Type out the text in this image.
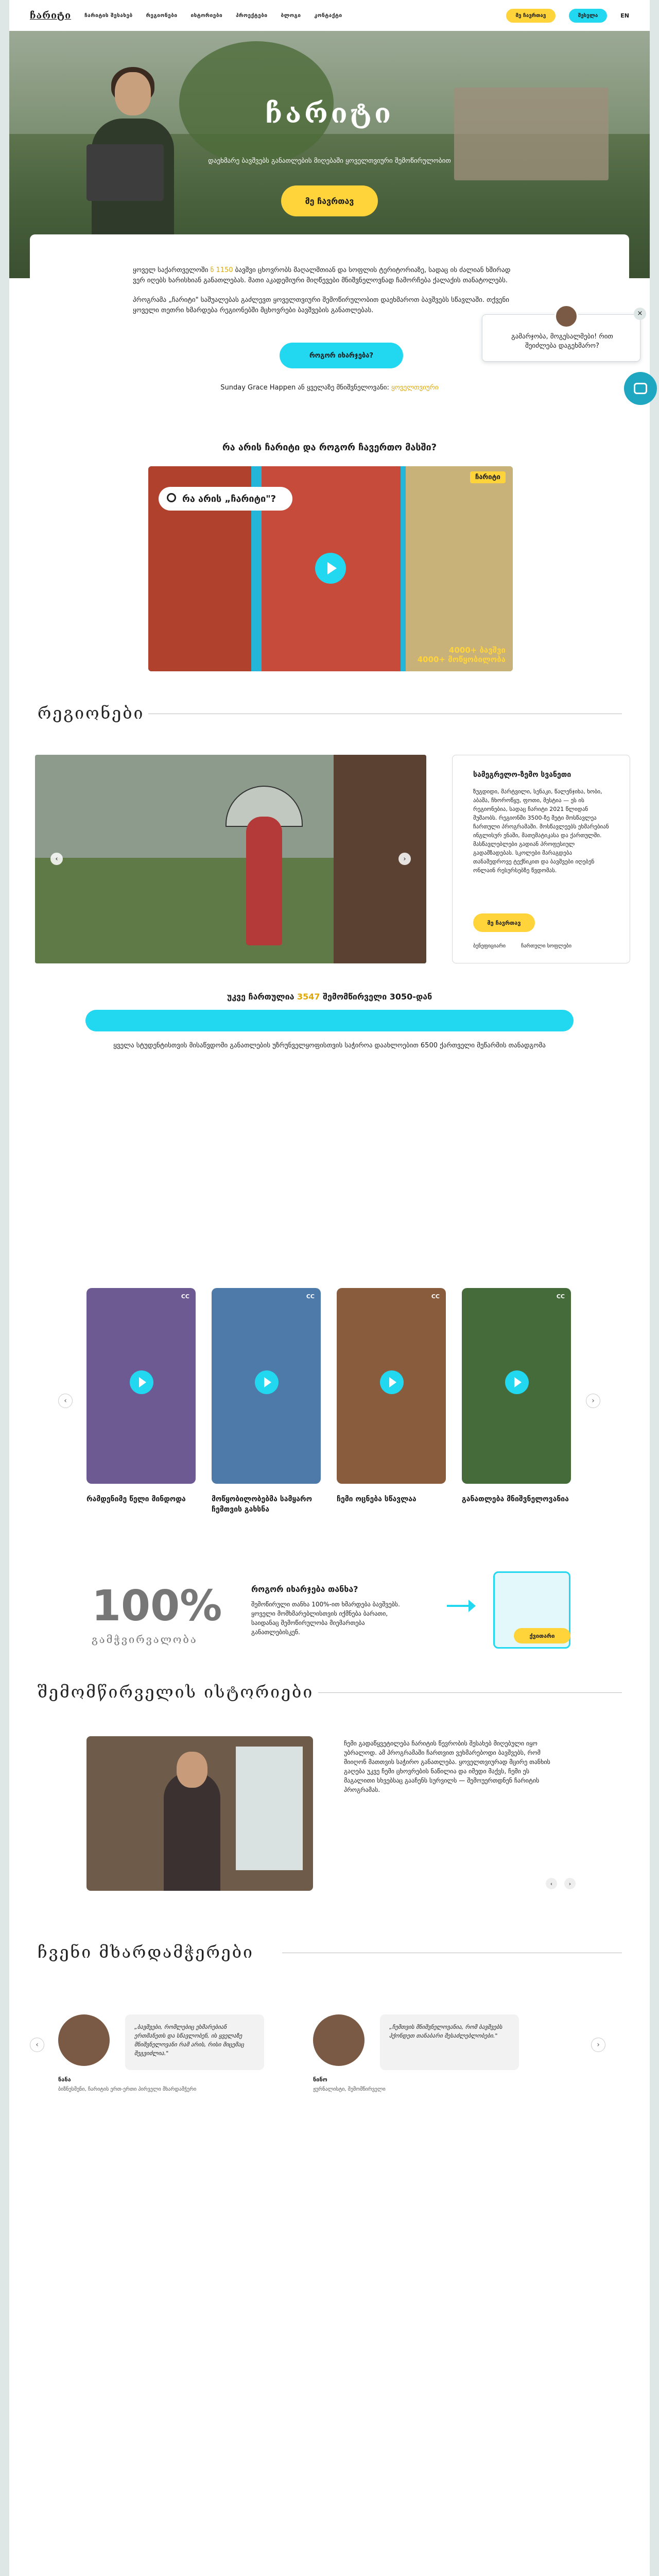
ჩარიტი	ჩარიტის შესახებ	რეგიონები	ისტორიები	პროექტები	ბლოგი	კონტაქტი	მე ჩავრთავ	შესვლა	EN
ჩარიტი
დაეხმარე ბავშვებს განათლების მიღებაში ყოველთვიური შემოწირულობით
მე ჩავრთავ

ყოველ საქართველოში ნ 1150 ბავშვი ცხოვრობს მაღალმთიან და სოფლის ტერიტორიაზე, სადაც ის ძალიან ხშირად ვერ იღებს ხარისხიან განათლებას. მათი აკადემიური მიღწევები მნიშვნელოვნად ჩამორჩება ქალაქის თანატოლებს.

პროგრამა „ჩარიტი" საშუალებას გაძლევთ ყოველთვიური შემოწირულობით დაეხმაროთ ბავშვებს სწავლაში. თქვენი ყოველი თეთრი ხმარდება რეგიონებში მცხოვრები ბავშვების განათლებას.

როგორ იხარჯება?
Sunday Grace Happen ან ყველაზე მნიშვნელოვანი: ყოველთვიური
×
გამარჯობა, მოგესალმები! რით შეიძლება დაგეხმარო?
რა არის ჩარიტი და როგორ ჩავერთო მასში?
რა არის „ჩარიტი"?
ჩარიტი
4000+ ბავშვი
4000+ მოწყობილობა
რეგიონები
‹	›
სამეგრელო-ზემო სვანეთი
ზუგდიდი, მარტვილი, სენაკი, წალენჯიხა, ხობი, აბაშა, ჩხოროწყუ, ფოთი, მესტია — ეს ის რეგიონებია, სადაც ჩარიტი 2021 წლიდან მუშაობს. რეგიონში 3500-ზე მეტი მოსწავლეა ჩართული პროგრამაში. მოსწავლეებს ეხმარებიან ინგლისურ ენაში, მათემატიკასა და ქართულში. მასწავლებლები გადიან პროფესიულ გადამზადებას. სკოლები მარაგდება თანამედროვე ტექნიკით და ბავშვები იღებენ ონლაინ რესურსებზე წვდომას.
მე ჩავრთავ
ბენეფიციარი	ჩართული სოფლები
უკვე ჩართულია 3547 შემომწირველი 3050-დან
ყველა სტუდენტისთვის მისაწვდომი განათლების უზრუნველყოფისთვის საჭიროა დაახლოებით 6500 ქართველი მეწარმის თანადგომა
‹	›
CC
რამდენიმე წელი მინდოდა
CC
მოწყობილობებმა სამყარო ჩემთვის გახსნა
CC
ჩემი ოცნება სწავლაა
CC
განათლება მნიშვნელოვანია
100%
გამჭვირვალობა
როგორ იხარჯება თანხა?
შემოწირული თანხა 100%-ით ხმარდება ბავშვებს. ყოველი მომხმარებლისთვის იქმნება ბარათი, საიდანაც შემოწირულობა მიემართება განათლებისკენ.	ქვითარი
შემომწირველის ისტორიები
ჩემი გადაწყვეტილება ჩარიტის წევრობის შესახებ მიღებული იყო უბრალოდ. ამ პროგრამაში ჩართვით ვეხმარებოდი ბავშვებს, რომ მიიღონ მათთვის საჭირო განათლება. ყოველთვიურად მცირე თანხის გაღება უკვე ჩემი ცხოვრების ნაწილია და იმედი მაქვს, ჩემი ეს მაგალითი სხვებსაც გააჩენს სურვილს — შემოუერთდნენ ჩარიტის პროგრამას.
‹	›
ჩვენი მხარდამჭერები
‹	›
„ბავშვები, რომლებიც ეხმარებიან ერთმანეთს და სწავლობენ, ის ყველაზე მნიშვნელოვანი რამ არის, რისი მიცემაც შეგვიძლია."
ნანა
ბიზნესმენი, ჩარიტის ერთ-ერთი პირველი მხარდამჭერი
„ჩემთვის მნიშვნელოვანია, რომ ბავშვებს ჰქონდეთ თანაბარი შესაძლებლობები."
ნინო
ჟურნალისტი, შემომწირველი
